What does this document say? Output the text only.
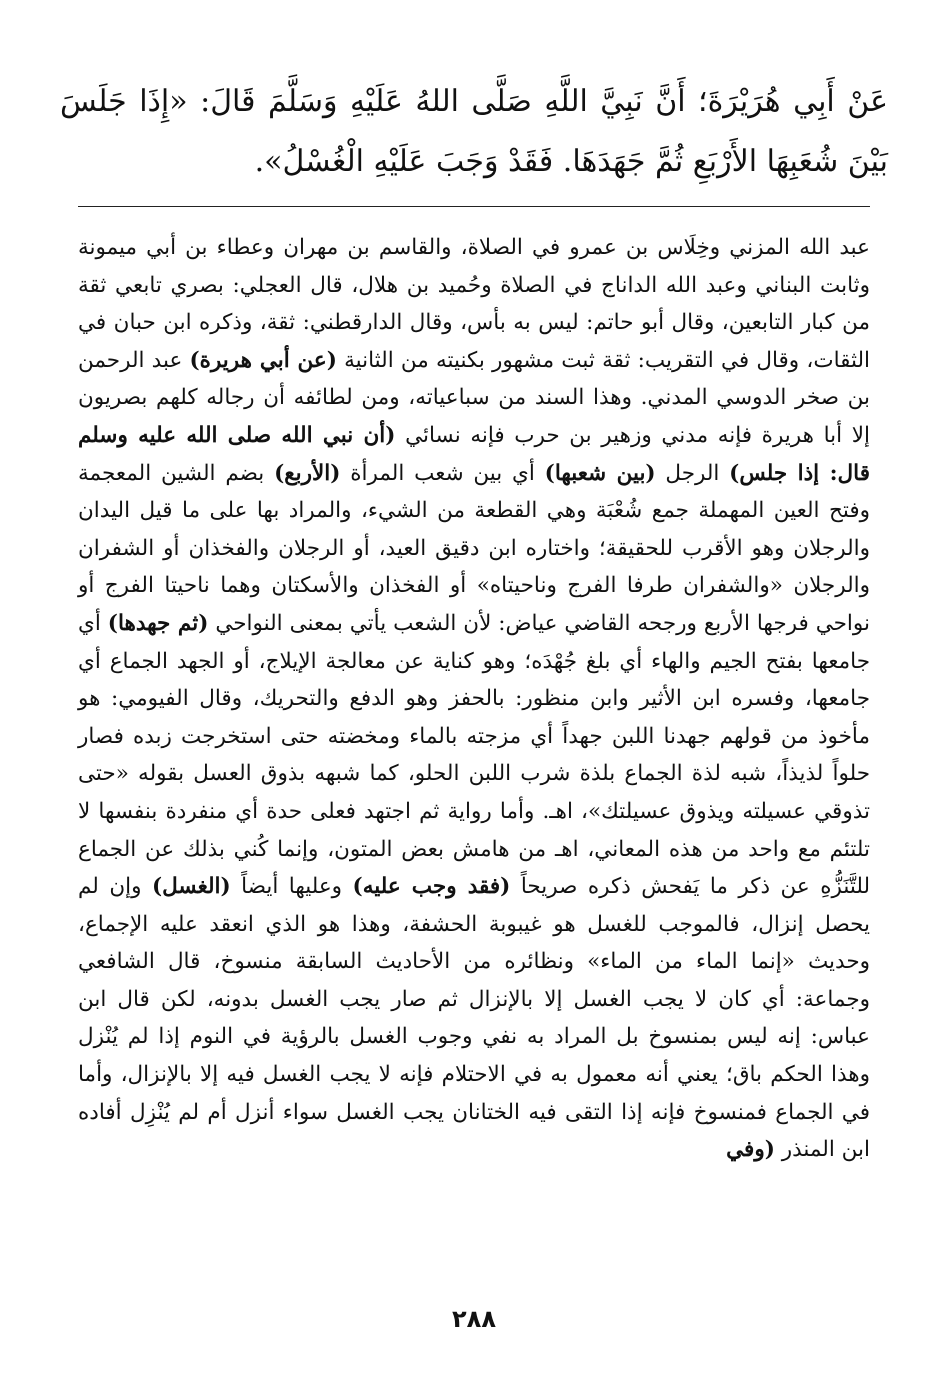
عَنْ أَبِي هُرَيْرَةَ؛ أَنَّ نَبِيَّ اللَّهِ صَلَّى اللهُ عَلَيْهِ وَسَلَّمَ قَالَ: «إِذَا جَلَسَ بَيْنَ شُعَبِهَا الأَرْبَعِ ثُمَّ جَهَدَهَا. فَقَدْ وَجَبَ عَلَيْهِ الْغُسْلُ».

عبد الله المزني وخِلَاس بن عمرو في الصلاة، والقاسم بن مهران وعطاء بن أبي ميمونة وثابت البناني وعبد الله الداناج في الصلاة وحُميد بن هلال، قال العجلي: بصري تابعي ثقة من كبار التابعين، وقال أبو حاتم: ليس به بأس، وقال الدارقطني: ثقة، وذكره ابن حبان في الثقات، وقال في التقريب: ثقة ثبت مشهور بكنيته من الثانية (عن أبي هريرة) عبد الرحمن بن صخر الدوسي المدني. وهذا السند من سباعياته، ومن لطائفه أن رجاله كلهم بصريون إلا أبا هريرة فإنه مدني وزهير بن حرب فإنه نسائي (أن نبي الله صلى الله عليه وسلم قال: إذا جلس) الرجل (بين شعبها) أي بين شعب المرأة (الأربع) بضم الشين المعجمة وفتح العين المهملة جمع شُعْبَة وهي القطعة من الشيء، والمراد بها على ما قيل اليدان والرجلان وهو الأقرب للحقيقة؛ واختاره ابن دقيق العيد، أو الرجلان والفخذان أو الشفران والرجلان «والشفران طرفا الفرج وناحيتاه» أو الفخذان والأسكتان وهما ناحيتا الفرج أو نواحي فرجها الأربع ورجحه القاضي عياض: لأن الشعب يأتي بمعنى النواحي (ثم جهدها) أي جامعها بفتح الجيم والهاء أي بلغ جُهْدَه؛ وهو كناية عن معالجة الإيلاج، أو الجهد الجماع أي جامعها، وفسره ابن الأثير وابن منظور: بالحفز وهو الدفع والتحريك، وقال الفيومي: هو مأخوذ من قولهم جهدنا اللبن جهداً أي مزجته بالماء ومخضته حتى استخرجت زبده فصار حلواً لذيذاً، شبه لذة الجماع بلذة شرب اللبن الحلو، كما شبهه بذوق العسل بقوله «حتى تذوقي عسيلته ويذوق عسيلتك»، اهـ. وأما رواية ثم اجتهد فعلى حدة أي منفردة بنفسها لا تلتئم مع واحد من هذه المعاني، اهـ من هامش بعض المتون، وإنما كُني بذلك عن الجماع للتَّنَزُّهِ عن ذكر ما يَفحش ذكره صريحاً (فقد وجب عليه) وعليها أيضاً (الغسل) وإن لم يحصل إنزال، فالموجب للغسل هو غيبوبة الحشفة، وهذا هو الذي انعقد عليه الإجماع، وحديث «إنما الماء من الماء» ونظائره من الأحاديث السابقة منسوخ، قال الشافعي وجماعة: أي كان لا يجب الغسل إلا بالإنزال ثم صار يجب الغسل بدونه، لكن قال ابن عباس: إنه ليس بمنسوخ بل المراد به نفي وجوب الغسل بالرؤية في النوم إذا لم يُنْزل وهذا الحكم باق؛ يعني أنه معمول به في الاحتلام فإنه لا يجب الغسل فيه إلا بالإنزال، وأما في الجماع فمنسوخ فإنه إذا التقى فيه الختانان يجب الغسل سواء أنزل أم لم يُنْزِل أفاده ابن المنذر (وفي

٢٨٨
